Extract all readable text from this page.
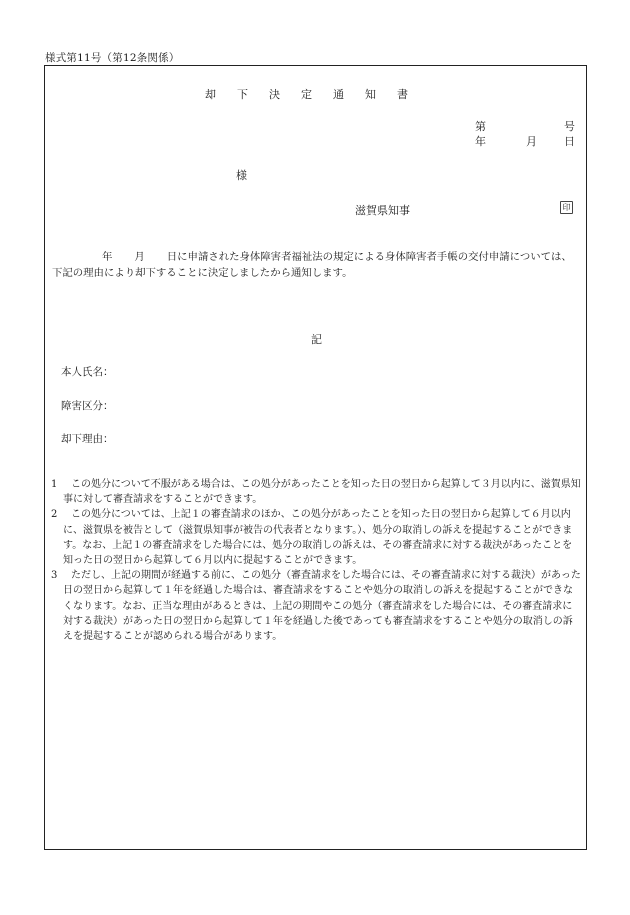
様式第11号（第12条関係）
却下決定通知書
第	号
年	月 日
様
滋賀県知事	印
年 月 日に申請された身体障害者福祉法の規定による身体障害者手帳の交付申請については、下記の理由により却下することに決定しましたから通知します。
記
本人氏名：
障害区分：
却下理由：

1	この処分について不服がある場合は、この処分があったことを知った日の翌日から起算して３月以内に、滋賀県知事に対して審査請求をすることができます。

2	この処分については、上記１の審査請求のほか、この処分があったことを知った日の翌日から起算して６月以内に、滋賀県を被告として（滋賀県知事が被告の代表者となります。）、処分の取消しの訴えを提起することができます。なお、上記１の審査請求をした場合には、処分の取消しの訴えは、その審査請求に対する裁決があったことを知った日の翌日から起算して６月以内に提起することができます。

3	ただし、上記の期間が経過する前に、この処分（審査請求をした場合には、その審査請求に対する裁決）があった日の翌日から起算して１年を経過した場合は、審査請求をすることや処分の取消しの訴えを提起することができなくなります。なお、正当な理由があるときは、上記の期間やこの処分（審査請求をした場合には、その審査請求に対する裁決）があった日の翌日から起算して１年を経過した後であっても審査請求をすることや処分の取消しの訴えを提起することが認められる場合があります。
